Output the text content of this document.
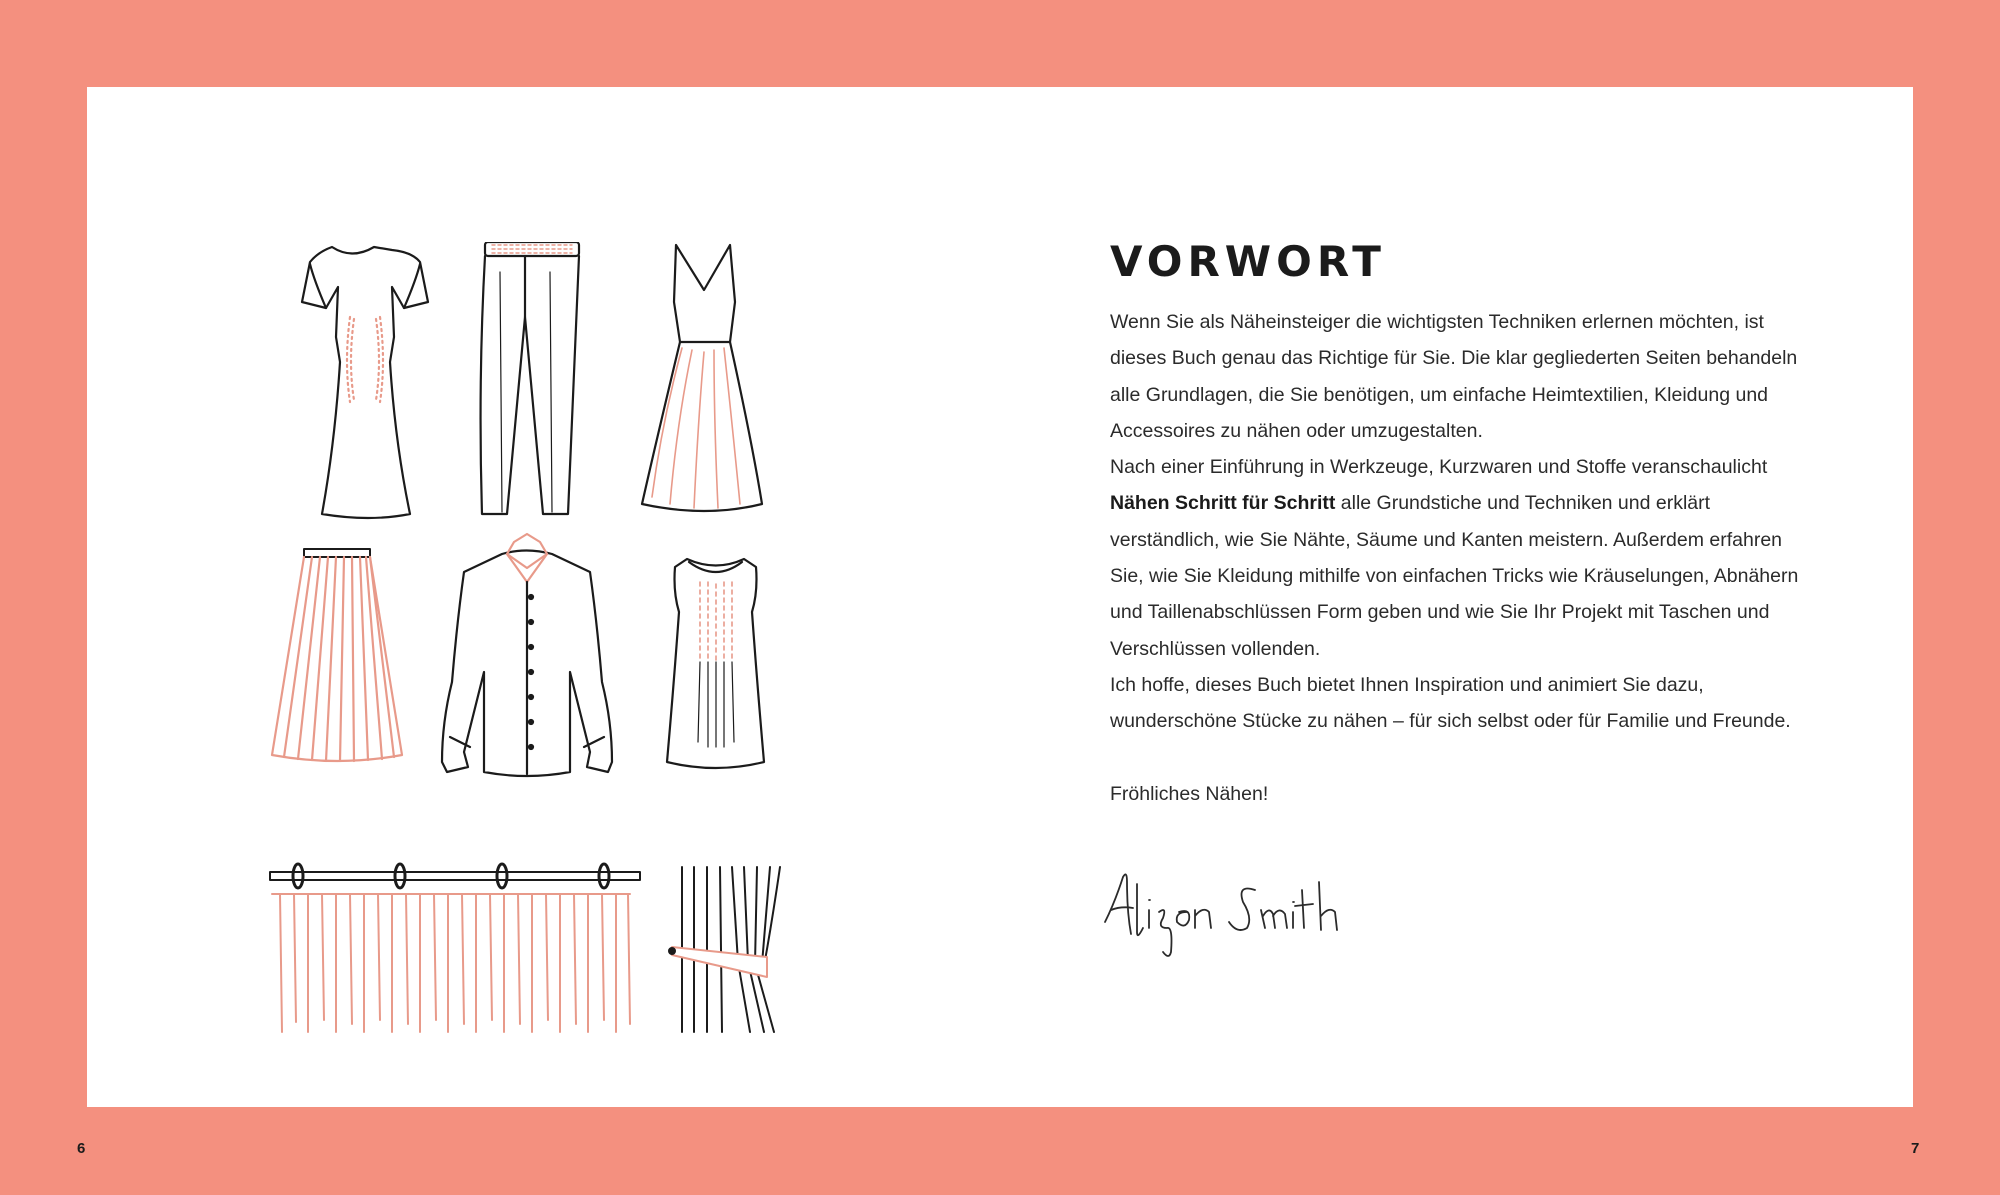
VORWORT

Wenn Sie als Näheinsteiger die wichtigsten Techniken erlernen möchten, ist dieses Buch genau das Richtige für Sie. Die klar gegliederten Seiten behandeln alle Grundlagen, die Sie benötigen, um einfache Heimtextilien, Kleidung und Accessoires zu nähen oder umzugestalten.

Nach einer Einführung in Werkzeuge, Kurzwaren und Stoffe veranschaulicht Nähen Schritt für Schritt alle Grundstiche und Techniken und erklärt verständlich, wie Sie Nähte, Säume und Kanten meistern. Außerdem erfahren Sie, wie Sie Kleidung mithilfe von einfachen Tricks wie Kräuselungen, Abnähern und Taillenabschlüssen Form geben und wie Sie Ihr Projekt mit Taschen und Verschlüssen vollenden.

Ich hoffe, dieses Buch bietet Ihnen Inspiration und animiert Sie dazu, wunderschöne Stücke zu nähen – für sich selbst oder für Familie und Freunde.

Fröhliches Nähen!

6	7
